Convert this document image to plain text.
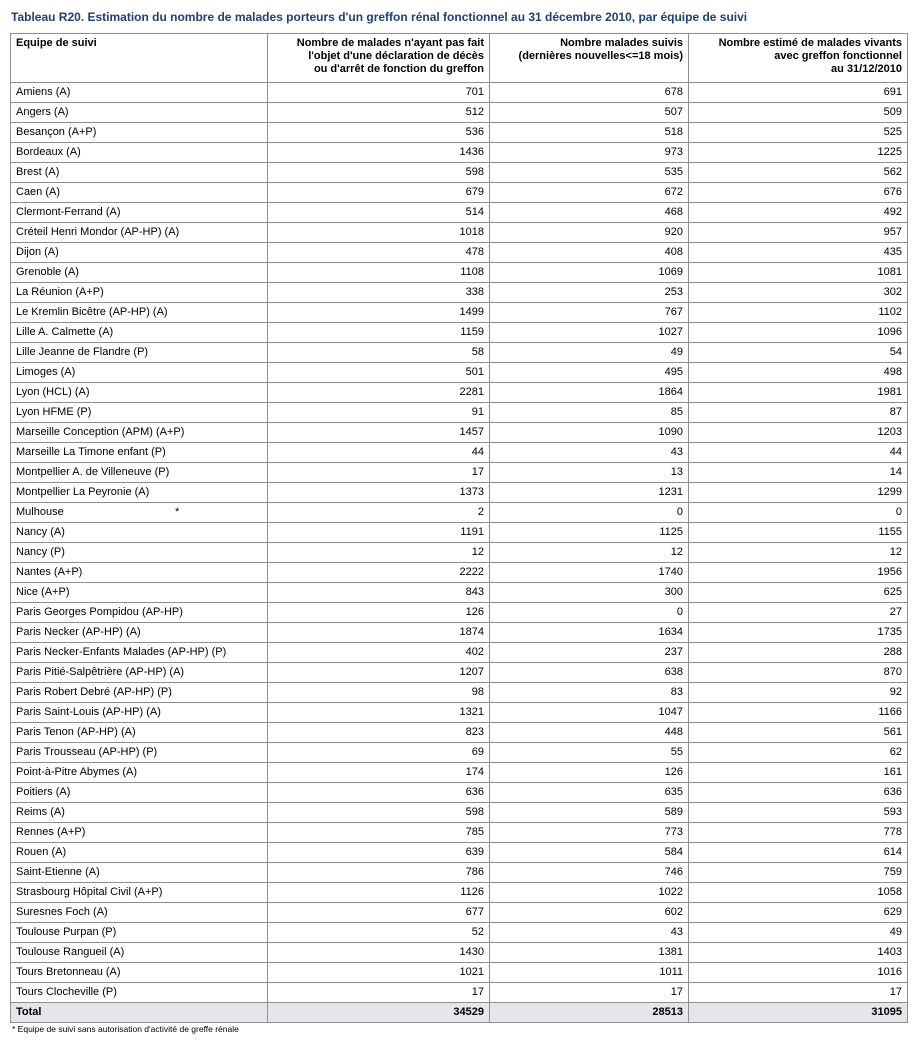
Tableau R20. Estimation du nombre de malades porteurs d'un greffon rénal fonctionnel au 31 décembre 2010, par équipe de suivi
Equipe de suivi	Nombre de malades n'ayant pas fait
l'objet d'une déclaration de décès
ou d'arrêt de fonction du greffon	Nombre malades suivis
(dernières nouvelles<=18 mois)	Nombre estimé de malades vivants
avec greffon fonctionnel
au 31/12/2010
Amiens (A)	701	678	691
Angers (A)	512	507	509
Besançon (A+P)	536	518	525
Bordeaux (A)	1436	973	1225
Brest (A)	598	535	562
Caen (A)	679	672	676
Clermont-Ferrand (A)	514	468	492
Créteil Henri Mondor (AP-HP) (A)	1018	920	957
Dijon (A)	478	408	435
Grenoble (A)	1108	1069	1081
La Réunion (A+P)	338	253	302
Le Kremlin Bicêtre (AP-HP) (A)	1499	767	1102
Lille A. Calmette (A)	1159	1027	1096
Lille Jeanne de Flandre (P)	58	49	54
Limoges (A)	501	495	498
Lyon (HCL) (A)	2281	1864	1981
Lyon HFME (P)	91	85	87
Marseille Conception (APM) (A+P)	1457	1090	1203
Marseille La Timone enfant (P)	44	43	44
Montpellier A. de Villeneuve (P)	17	13	14
Montpellier La Peyronie (A)	1373	1231	1299
Mulhouse *	2	0	0
Nancy (A)	1191	1125	1155
Nancy (P)	12	12	12
Nantes (A+P)	2222	1740	1956
Nice (A+P)	843	300	625
Paris Georges Pompidou (AP-HP)	126	0	27
Paris Necker (AP-HP) (A)	1874	1634	1735
Paris Necker-Enfants Malades (AP-HP) (P)	402	237	288
Paris Pitié-Salpêtrière (AP-HP) (A)	1207	638	870
Paris Robert Debré (AP-HP) (P)	98	83	92
Paris Saint-Louis (AP-HP) (A)	1321	1047	1166
Paris Tenon (AP-HP) (A)	823	448	561
Paris Trousseau (AP-HP) (P)	69	55	62
Point-à-Pitre Abymes (A)	174	126	161
Poitiers (A)	636	635	636
Reims (A)	598	589	593
Rennes (A+P)	785	773	778
Rouen (A)	639	584	614
Saint-Etienne (A)	786	746	759
Strasbourg Hôpital Civil (A+P)	1126	1022	1058
Suresnes Foch (A)	677	602	629
Toulouse Purpan (P)	52	43	49
Toulouse Rangueil (A)	1430	1381	1403
Tours Bretonneau (A)	1021	1011	1016
Tours Clocheville (P)	17	17	17
Total	34529	28513	31095
* Equipe de suivi sans autorisation d'activité de greffe rénale
